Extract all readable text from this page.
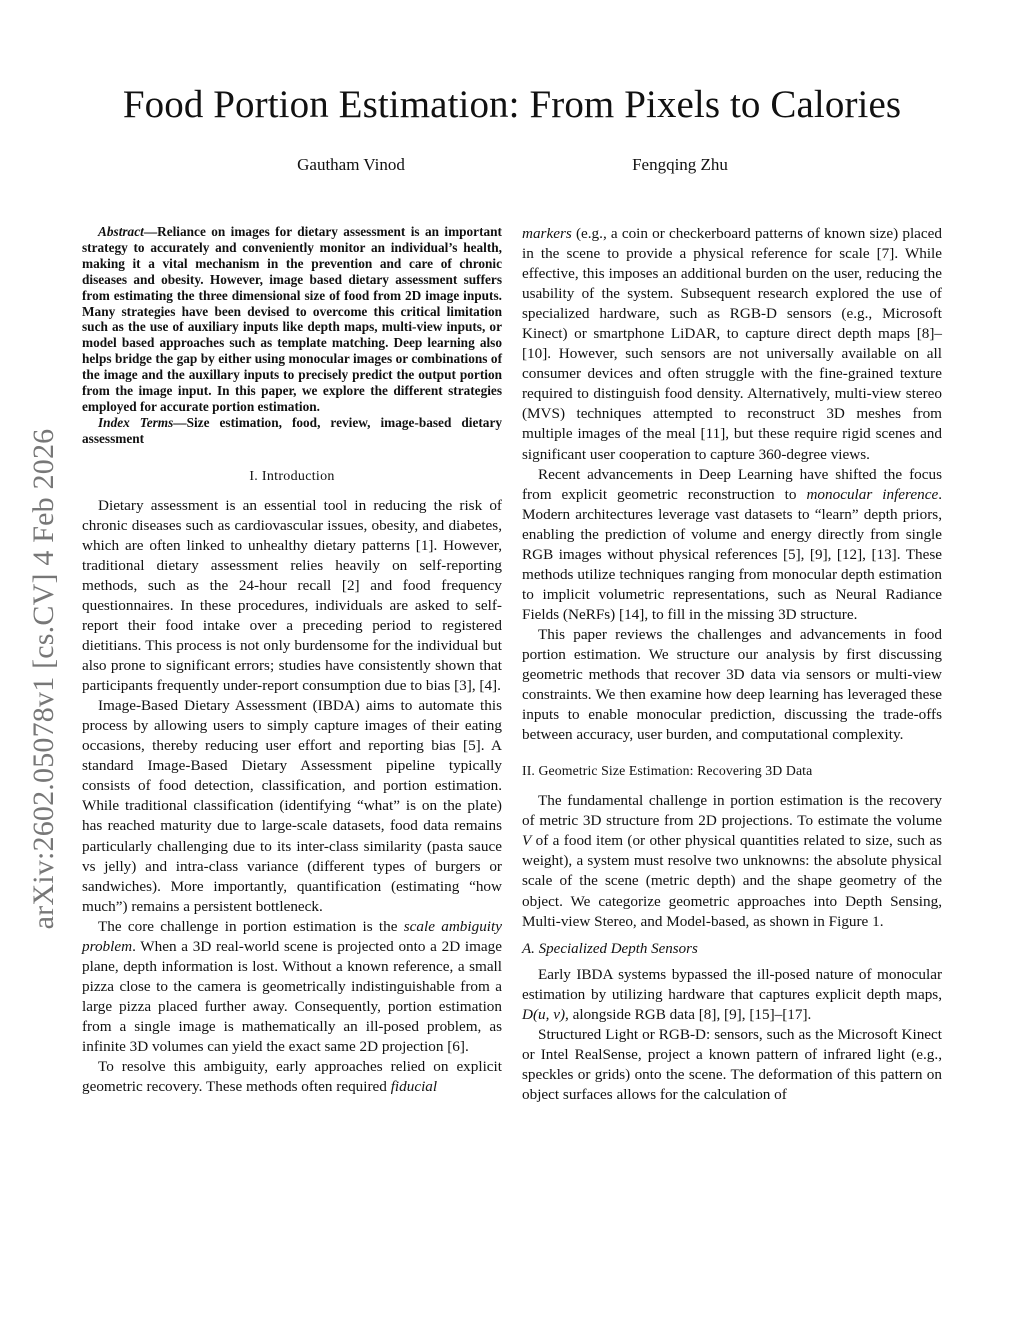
Food Portion Estimation: From Pixels to Calories
Gautham Vinod	Fengqing Zhu
arXiv:2602.05078v1 [cs.CV] 4 Feb 2026

Abstract—Reliance on images for dietary assessment is an important strategy to accurately and conveniently monitor an individual’s health, making it a vital mechanism in the prevention and care of chronic diseases and obesity. However, image based dietary assessment suffers from estimating the three dimensional size of food from 2D image inputs. Many strategies have been devised to overcome this critical limitation such as the use of auxiliary inputs like depth maps, multi-view inputs, or model based approaches such as template matching. Deep learning also helps bridge the gap by either using monocular images or combinations of the image and the auxillary inputs to precisely predict the output portion from the image input. In this paper, we explore the different strategies employed for accurate portion estimation.

Index Terms—Size estimation, food, review, image-based dietary assessment

I. Introduction

Dietary assessment is an essential tool in reducing the risk of chronic diseases such as cardiovascular issues, obesity, and diabetes, which are often linked to unhealthy dietary patterns [1]. However, traditional dietary assessment relies heavily on self-reporting methods, such as the 24-hour recall [2] and food frequency questionnaires. In these procedures, individuals are asked to self-report their food intake over a preceding period to registered dietitians. This process is not only burdensome for the individual but also prone to significant errors; studies have consistently shown that participants frequently under-report consumption due to bias [3], [4].

Image-Based Dietary Assessment (IBDA) aims to automate this process by allowing users to simply capture images of their eating occasions, thereby reducing user effort and reporting bias [5]. A standard Image-Based Dietary Assessment pipeline typically consists of food detection, classification, and portion estimation. While traditional classification (identifying “what” is on the plate) has reached maturity due to large-scale datasets, food data remains particularly challenging due to its inter-class similarity (pasta sauce vs jelly) and intra-class variance (different types of burgers or sandwiches). More importantly, quantification (estimating “how much”) remains a persistent bottleneck.

The core challenge in portion estimation is the scale ambiguity problem. When a 3D real-world scene is projected onto a 2D image plane, depth information is lost. Without a known reference, a small pizza close to the camera is geometrically indistinguishable from a large pizza placed further away. Consequently, portion estimation from a single image is mathematically an ill-posed problem, as infinite 3D volumes can yield the exact same 2D projection [6].

To resolve this ambiguity, early approaches relied on explicit geometric recovery. These methods often required fiducial

markers (e.g., a coin or checkerboard patterns of known size) placed in the scene to provide a physical reference for scale [7]. While effective, this imposes an additional burden on the user, reducing the usability of the system. Subsequent research explored the use of specialized hardware, such as RGB-D sensors (e.g., Microsoft Kinect) or smartphone LiDAR, to capture direct depth maps [8]–[10]. However, such sensors are not universally available on all consumer devices and often struggle with the fine-grained texture required to distinguish food density. Alternatively, multi-view stereo (MVS) techniques attempted to reconstruct 3D meshes from multiple images of the meal [11], but these require rigid scenes and significant user cooperation to capture 360-degree views.

Recent advancements in Deep Learning have shifted the focus from explicit geometric reconstruction to monocular inference. Modern architectures leverage vast datasets to “learn” depth priors, enabling the prediction of volume and energy directly from single RGB images without physical references [5], [9], [12], [13]. These methods utilize techniques ranging from monocular depth estimation to implicit volumetric representations, such as Neural Radiance Fields (NeRFs) [14], to fill in the missing 3D structure.

This paper reviews the challenges and advancements in food portion estimation. We structure our analysis by first discussing geometric methods that recover 3D data via sensors or multi-view constraints. We then examine how deep learning has leveraged these inputs to enable monocular prediction, discussing the trade-offs between accuracy, user burden, and computational complexity.

II. Geometric Size Estimation: Recovering 3D Data

The fundamental challenge in portion estimation is the recovery of metric 3D structure from 2D projections. To estimate the volume V of a food item (or other physical quantities related to size, such as weight), a system must resolve two unknowns: the absolute physical scale of the scene (metric depth) and the shape geometry of the object. We categorize geometric approaches into Depth Sensing, Multi-view Stereo, and Model-based, as shown in Figure 1.

A. Specialized Depth Sensors

Early IBDA systems bypassed the ill-posed nature of monocular estimation by utilizing hardware that captures explicit depth maps, D(u, v), alongside RGB data [8], [9], [15]–[17].

Structured Light or RGB-D: sensors, such as the Microsoft Kinect or Intel RealSense, project a known pattern of infrared light (e.g., speckles or grids) onto the scene. The deformation of this pattern on object surfaces allows for the calculation of
